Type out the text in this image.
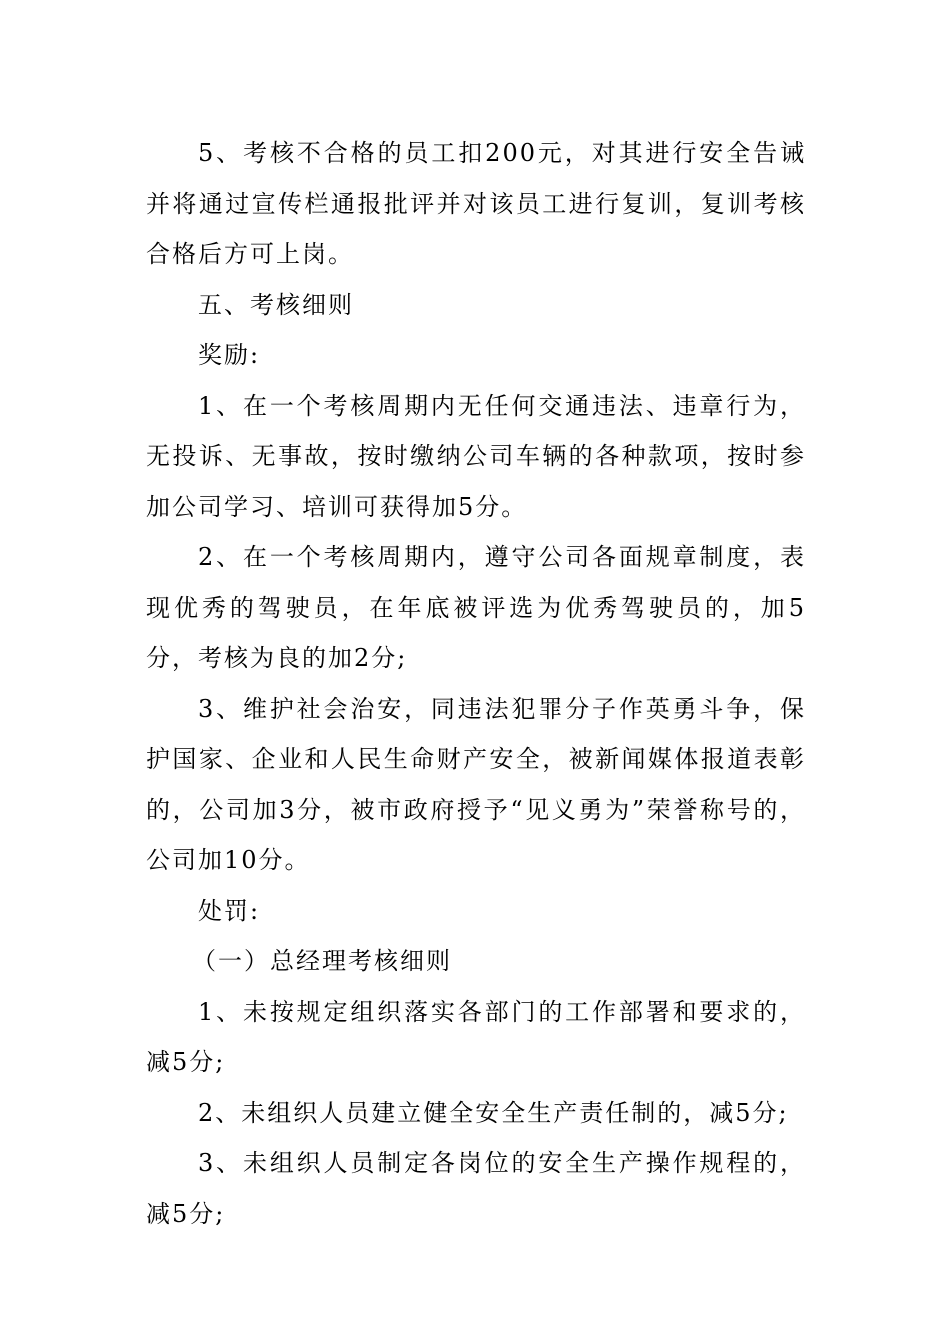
5、考核不合格的员工扣200元，对其进行安全告诫并将通过宣传栏通报批评并对该员工进行复训，复训考核合格后方可上岗。

五、考核细则

奖励:

1、在一个考核周期内无任何交通违法、违章行为，无投诉、无事故，按时缴纳公司车辆的各种款项，按时参加公司学习、培训可获得加5分。

2、在一个考核周期内，遵守公司各面规章制度，表现优秀的驾驶员，在年底被评选为优秀驾驶员的，加5分，考核为良的加2分;

3、维护社会治安，同违法犯罪分子作英勇斗争，保护国家、企业和人民生命财产安全，被新闻媒体报道表彰的，公司加3分，被市政府授予“见义勇为”荣誉称号的，公司加10分。

处罚:

（一）总经理考核细则

1、未按规定组织落实各部门的工作部署和要求的，减5分;

2、未组织人员建立健全安全生产责任制的，减5分;

3、未组织人员制定各岗位的安全生产操作规程的，减5分;
